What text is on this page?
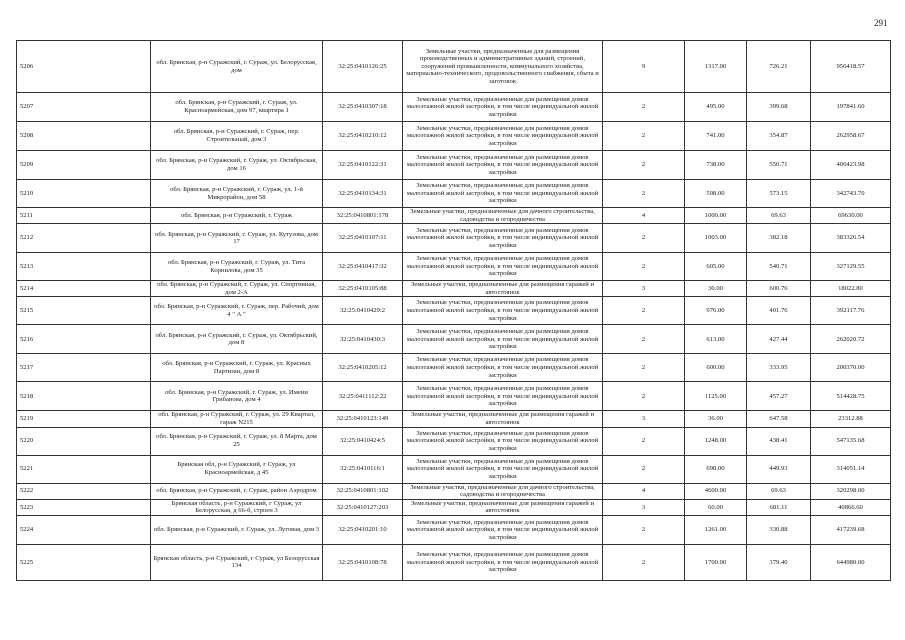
291
5206	обл. Брянская, р-н Суражский, г. Сураж, ул. Белорусская, дом	32:25:0410126:25	Земельные участки, предназначенные для размещения производственных и административных зданий, строений, сооружений промышленности, коммунального хозяйства, материально-технического, продовольственного снабжения, сбыта и заготовок	9	1317.00	726.21	956418.57
5207	обл. Брянская, р-н Суражский, г. Сураж, ул. Красноармейская, дом 97, квартира 1	32:25:0410307:18	Земельные участки, предназначенные для размещения домов малоэтажной жилой застройки, в том числе индивидуальной жилой застройки	2	495.00	399.68	197841.60
5208	обл. Брянская, р-н Суражский, г. Сураж, пер. Строительный, дом 3	32:25:0410210:12	Земельные участки, предназначенные для размещения домов малоэтажной жилой застройки, в том числе индивидуальной жилой застройки	2	741.00	354.87	262958.67
5209	обл. Брянская, р-н Суражский, г. Сураж, ул. Октябрьская, дом 16	32:25:0410122:31	Земельные участки, предназначенные для размещения домов малоэтажной жилой застройки, в том числе индивидуальной жилой застройки	2	738.00	550.71	406423.98
5210	обл. Брянская, р-н Суражский, г. Сураж, ул. 1-й Микрорайон, дом 58	32:25:0410134:31	Земельные участки, предназначенные для размещения домов малоэтажной жилой застройки, в том числе индивидуальной жилой застройки	2	598.00	573.15	342743.70
5211	обл. Брянская, р-н Суражский, г. Сураж	32:25:0410801:178	Земельные участки, предназначенные для дачного строительства, садоводства и огородничества	4	1000.00	69.63	69630.00
5212	обл. Брянская, р-н Суражский, г. Сураж, ул. Кутузова, дом 17	32:25:0410107:11	Земельные участки, предназначенные для размещения домов малоэтажной жилой застройки, в том числе индивидуальной жилой застройки	2	1003.00	382.18	383326.54
5213	обл. Брянская, р-н Суражский, г. Сураж, ул. Тита Корнилова, дом 35	32:25:0410417:32	Земельные участки, предназначенные для размещения домов малоэтажной жилой застройки, в том числе индивидуальной жилой застройки	2	605.00	540.71	327129.55
5214	обл. Брянская, р-н Суражский, г. Сураж, ул. Спортивная, дом 2-А	32:25:0410105:88	Земельные участки, предназначенные для размещения гаражей и автостоянок	3	30.00	600.76	18022.80
5215	обл. Брянская, р-н Суражский, г. Сураж, пер. Рабочий, дом 4 " А "	32:25:0410429:2	Земельные участки, предназначенные для размещения домов малоэтажной жилой застройки, в том числе индивидуальной жилой застройки	2	976.00	401.76	392117.76
5216	обл. Брянская, р-н Суражский, г. Сураж, ул. Октябрьский, дом 8	32:25:0410430:3	Земельные участки, предназначенные для размещения домов малоэтажной жилой застройки, в том числе индивидуальной жилой застройки	2	613.00	427.44	262020.72
5217	обл. Брянская, р-н Суражский, г. Сураж, ул. Красных Партизан, дом 8	32:25:0410205:12	Земельные участки, предназначенные для размещения домов малоэтажной жилой застройки, в том числе индивидуальной жилой застройки	2	600.00	333.95	200370.00
5218	обл. Брянская, р-н Суражский, г. Сураж, ул. Имени Грибанова, дом 4	32:25:0411112:22	Земельные участки, предназначенные для размещения домов малоэтажной жилой застройки, в том числе индивидуальной жилой застройки	2	1125.00	457.27	514428.75
5219	обл. Брянская, р-н Суражский, г. Сураж, ул. 29 Квартал, гараж N215	32:25:0410123:149	Земельные участки, предназначенные для размещения гаражей и автостоянок	3	36.00	647.58	23312.88
5220	обл. Брянская, р-н Суражский, г. Сураж, ул. 8 Марта, дом 25	32:25:0410424:5	Земельные участки, предназначенные для размещения домов малоэтажной жилой застройки, в том числе индивидуальной жилой застройки	2	1248.00	438.41	547135.68
5221	Брянская обл, р-н Суражский, г Сураж, ул Красноармейская, д 45	32:25:0410116:1	Земельные участки, предназначенные для размещения домов малоэтажной жилой застройки, в том числе индивидуальной жилой застройки	2	698.00	449.93	314051.14
5222	обл. Брянская, р-н Суражский, г. Сураж, район Аэродром	32:25:0410801:102	Земельные участки, предназначенные для дачного строительства, садоводства и огородничества	4	4600.00	69.63	320298.00
5223	Брянская область, р-н Суражский, г Сураж, ул Белорусская, д 66-б, строен 3	32:25:0410127:203	Земельные участки, предназначенные для размещения гаражей и автостоянок	3	60.00	681.11	40866.60
5224	обл. Брянская, р-н Суражский, г. Сураж, ул. Луговая, дом 3	32:25:0410201:10	Земельные участки, предназначенные для размещения домов малоэтажной жилой застройки, в том числе индивидуальной жилой застройки	2	1261.00	330.88	417239.68
5225	Брянская область, р-н Суражский, г Сураж, ул Белорусская 134	32:25:0410108:78	Земельные участки, предназначенные для размещения домов малоэтажной жилой застройки, в том числе индивидуальной жилой застройки	2	1700.00	379.40	644980.00
